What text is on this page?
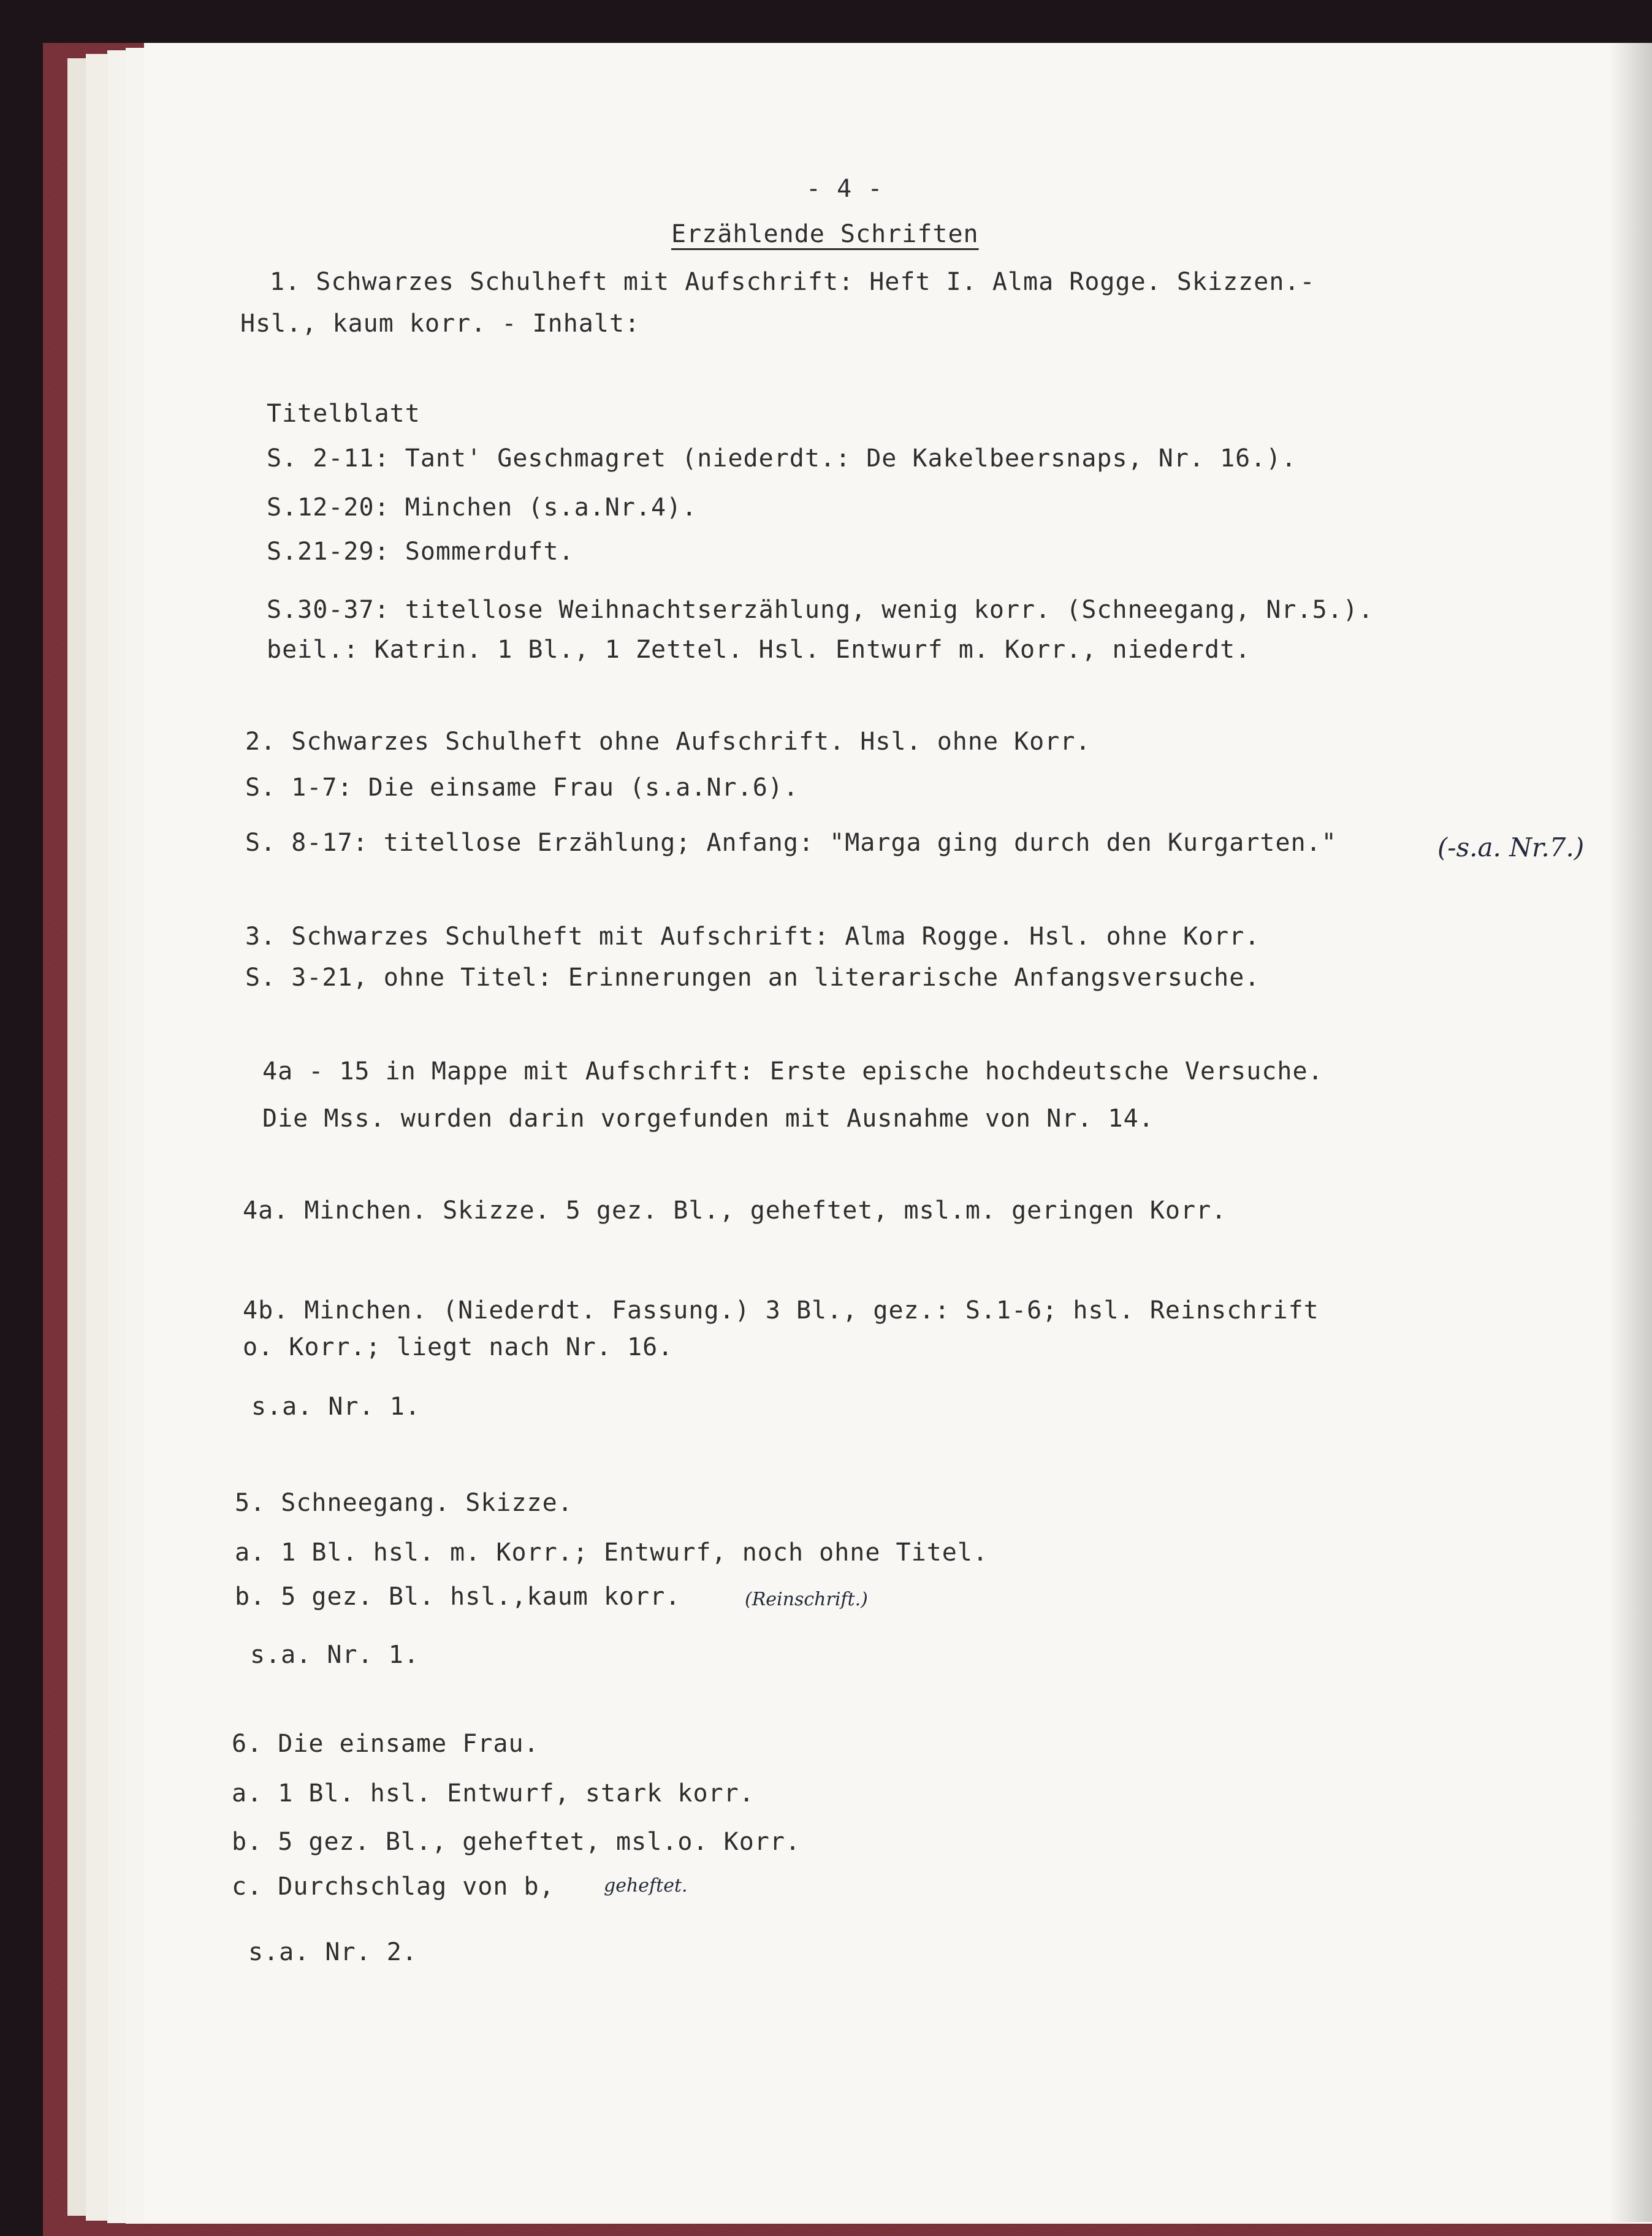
- 4 -
Erzählende Schriften
1. Schwarzes Schulheft mit Aufschrift: Heft I. Alma Rogge. Skizzen.-
Hsl., kaum korr. - Inhalt:
Titelblatt
S. 2-11: Tant' Geschmagret (niederdt.: De Kakelbeersnaps, Nr. 16.).
S.12-20: Minchen (s.a.Nr.4).
S.21-29: Sommerduft.
S.30-37: titellose Weihnachtserzählung, wenig korr. (Schneegang, Nr.5.).
beil.: Katrin. 1 Bl., 1 Zettel. Hsl. Entwurf m. Korr., niederdt.
2. Schwarzes Schulheft ohne Aufschrift. Hsl. ohne Korr.
S. 1-7: Die einsame Frau (s.a.Nr.6).
S. 8-17: titellose Erzählung; Anfang: "Marga ging durch den Kurgarten."	(-s.a. Nr.7.)
3. Schwarzes Schulheft mit Aufschrift: Alma Rogge. Hsl. ohne Korr.
S. 3-21, ohne Titel: Erinnerungen an literarische Anfangsversuche.
4a - 15 in Mappe mit Aufschrift: Erste epische hochdeutsche Versuche.
Die Mss. wurden darin vorgefunden mit Ausnahme von Nr. 14.
4a. Minchen. Skizze. 5 gez. Bl., geheftet, msl.m. geringen Korr.
4b. Minchen. (Niederdt. Fassung.) 3 Bl., gez.: S.1-6; hsl. Reinschrift
o. Korr.; liegt nach Nr. 16.
s.a. Nr. 1.
5. Schneegang. Skizze.
a. 1 Bl. hsl. m. Korr.; Entwurf, noch ohne Titel.
b. 5 gez. Bl. hsl.,kaum korr.	(Reinschrift.)
s.a. Nr. 1.
6. Die einsame Frau.
a. 1 Bl. hsl. Entwurf, stark korr.
b. 5 gez. Bl., geheftet, msl.o. Korr.
c. Durchschlag von b,	geheftet.
s.a. Nr. 2.
